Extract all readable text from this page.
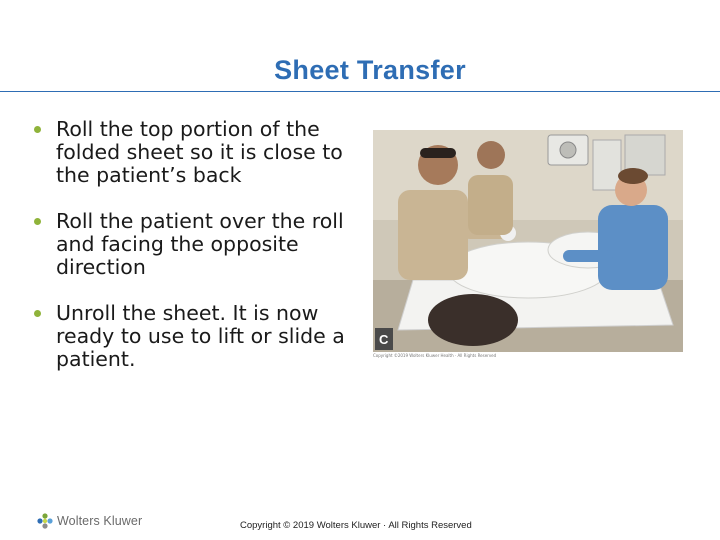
Sheet Transfer
Roll the top portion of the folded sheet so it is close to the patient’s back
Roll the patient over the roll and facing the opposite direction
Unroll the sheet. It is now ready to use to lift or slide a patient.
C
Copyright ©2019 Wolters Kluwer Health · All Rights Reserved
Wolters Kluwer	Copyright © 2019 Wolters Kluwer · All Rights Reserved
